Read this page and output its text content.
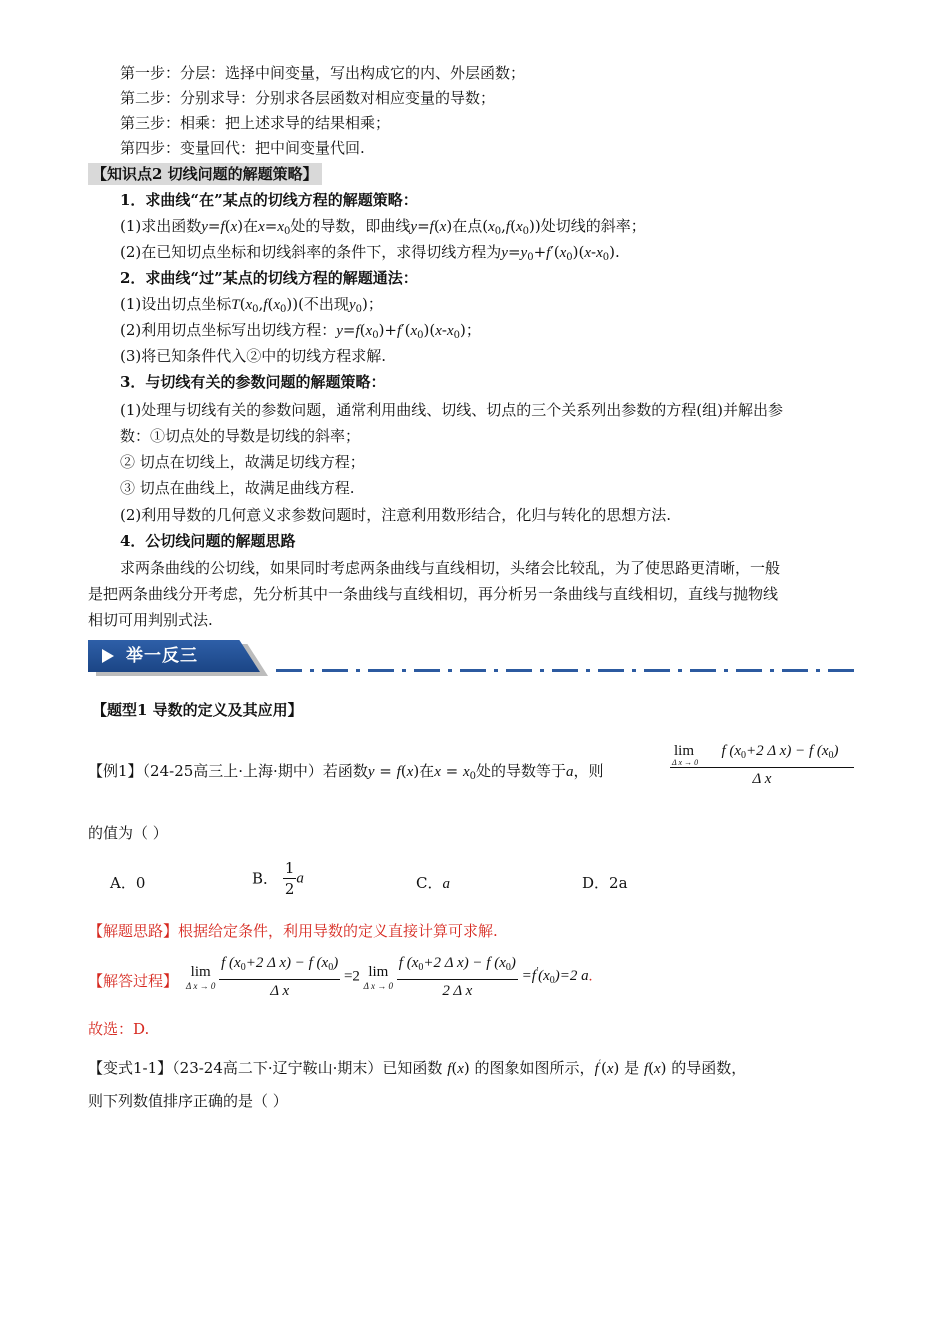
第一步：分层：选择中间变量，写出构成它的内、外层函数；
第二步：分别求导：分别求各层函数对相应变量的导数；
第三步：相乘：把上述求导的结果相乘；
第四步：变量回代：把中间变量代回.
【知识点2 切线问题的解题策略】
1．求曲线“在”某点的切线方程的解题策略：
(1)求出函数y=f(x)在$x=x_0$处的导数，即曲线y=f(x)在点$(x_0,f(x_0))$处切线的斜率；
(2)在已知切点坐标和切线斜率的条件下，求得切线方程为$y=y_0+f'(x_0)(x-x_0)$.
2．求曲线“过”某点的切线方程的解题通法：
(1)设出切点坐标$T(x_0,f(x_0))$(不出现$y_0$)；
(2)利用切点坐标写出切线方程：$y=f(x_0)+f'(x_0)(x-x_0)$；
(3)将已知条件代入②中的切线方程求解.
3．与切线有关的参数问题的解题策略：
(1)处理与切线有关的参数问题，通常利用曲线、切线、切点的三个关系列出参数的方程(组)并解出参
数：①切点处的导数是切线的斜率；
② 切点在切线上，故满足切线方程；
③ 切点在曲线上，故满足曲线方程.
(2)利用导数的几何意义求参数问题时，注意利用数形结合，化归与转化的思想方法.
4．公切线问题的解题思路
求两条曲线的公切线，如果同时考虑两条曲线与直线相切，头绪会比较乱，为了使思路更清晰，一般
是把两条曲线分开考虑，先分析其中一条曲线与直线相切，再分析另一条曲线与直线相切，直线与抛物线
相切可用判别式法.
举一反三
【题型1 导数的定义及其应用】
【例1】（24-25高三上·上海·期中）若函数y = f(x)在$x = x_0$处的导数等于a，则	lim
Δ x → 0
f ($x_0+2$ Δ x) − f $(x_0)$
Δ x
的值为（ ）
A．0	B． $\frac{1}{2}$ a	C．a	D．2a
【解题思路】根据给定条件，利用导数的定义直接计算可求解.
【解答过程】 lim
Δ x → 0
$\frac{f (x_0+2 \Delta x) - f (x_0)}{\text{Δ x}} =2$ lim
Δ x → 0
$\frac{f (x_0+2 \Delta x) - f (x_0)}{\text{2 Δ x}} =f'(x_0)=2$ a.
故选：D.
【变式1-1】（23-24高二下·辽宁鞍山·期末）已知函数 f(x) 的图象如图所示，f′(x) 是 f(x) 的导函数，
则下列数值排序正确的是（ ）
